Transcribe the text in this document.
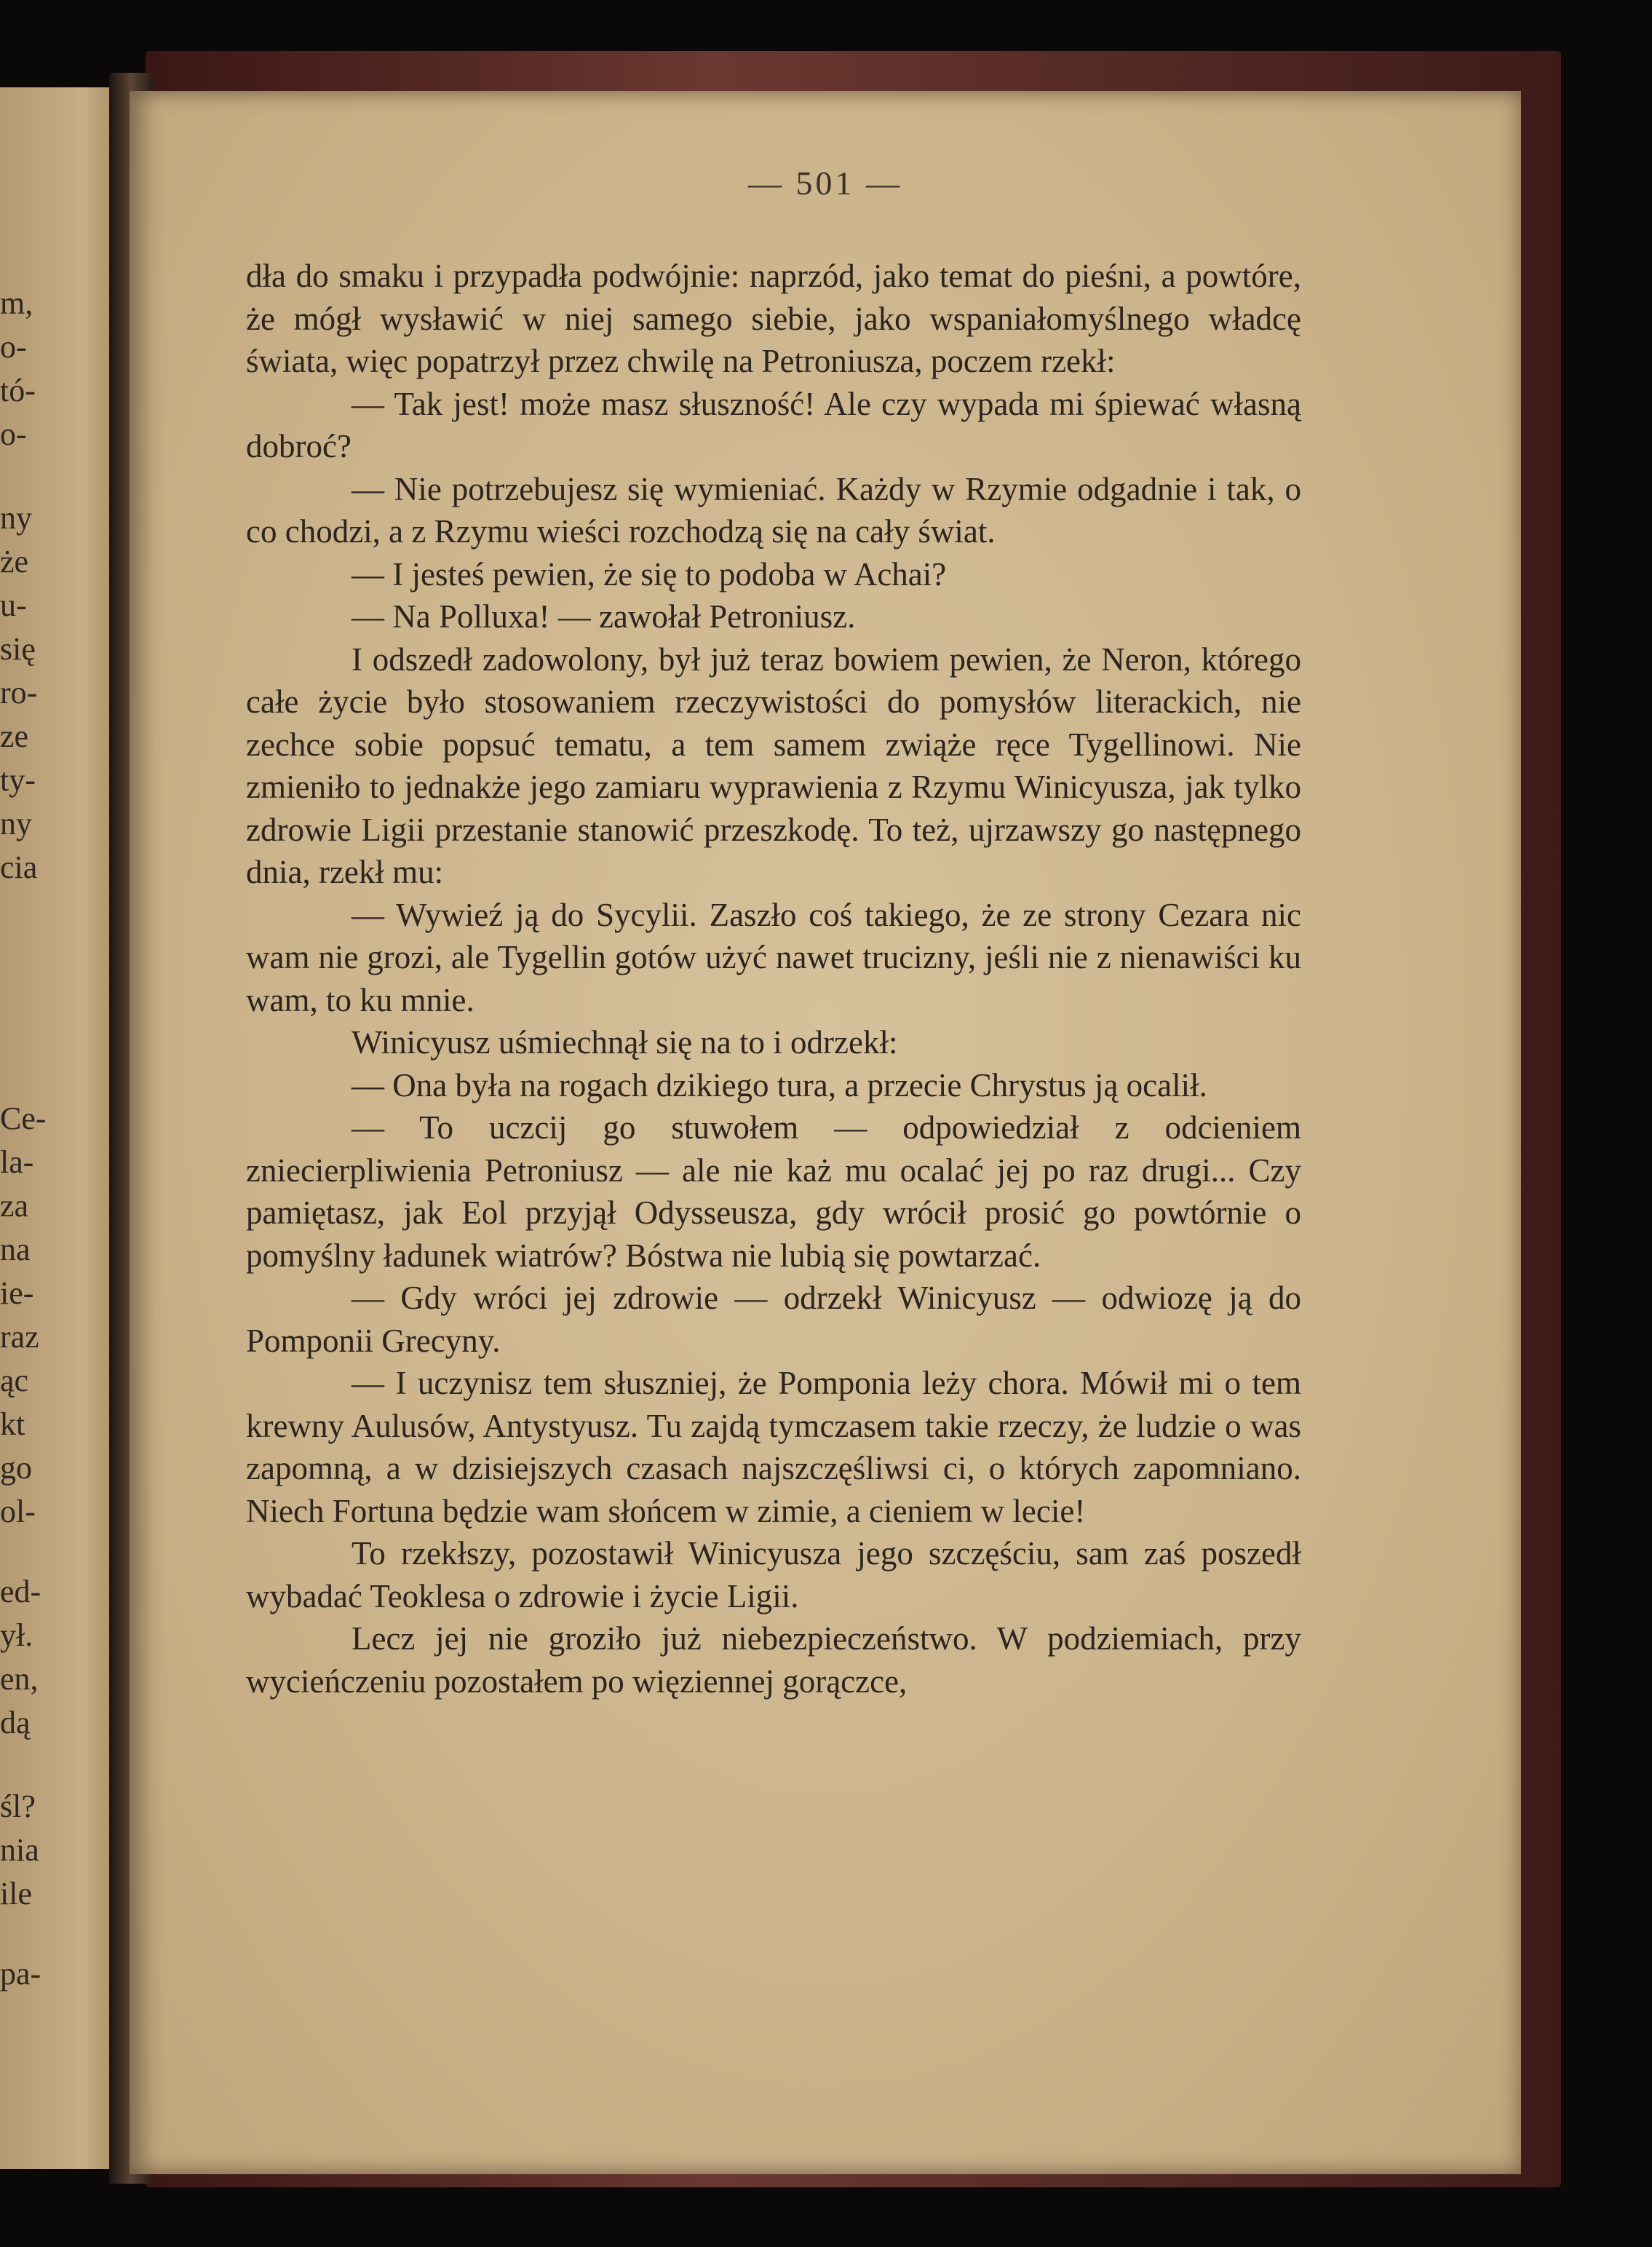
m,
o-
tó-
o-
ny
że
u-
się
ro-
ze
ty-
ny
cia
Ce-
la-
za
na
ie-
raz
ąc
kt
go
ol-
ed-
ył.
en,
dą
śl?
nia
ile
pa-

— 501 —

dła do smaku i przypadła podwójnie: naprzód, jako temat do pieśni, a powtóre, że mógł wysławić w niej samego siebie, jako wspaniałomyślnego władcę świata, więc popatrzył przez chwilę na Petroniusza, poczem rzekł:

— Tak jest! może masz słuszność! Ale czy wypada mi śpiewać własną dobroć?

— Nie potrzebujesz się wymieniać. Każdy w Rzymie odgadnie i tak, o co chodzi, a z Rzymu wieści rozchodzą się na cały świat.

— I jesteś pewien, że się to podoba w Achai?

— Na Polluxa! — zawołał Petroniusz.

I odszedł zadowolony, był już teraz bowiem pewien, że Neron, którego całe życie było stosowaniem rzeczywistości do pomysłów literackich, nie zechce sobie popsuć tematu, a tem samem zwiąże ręce Tygellinowi. Nie zmieniło to jednakże jego zamiaru wyprawienia z Rzymu Winicyusza, jak tylko zdrowie Ligii przestanie stanowić przeszkodę. To też, ujrzawszy go następnego dnia, rzekł mu:

— Wywieź ją do Sycylii. Zaszło coś takiego, że ze strony Cezara nic wam nie grozi, ale Tygellin gotów użyć nawet trucizny, jeśli nie z nienawiści ku wam, to ku mnie.

Winicyusz uśmiechnął się na to i odrzekł:

— Ona była na rogach dzikiego tura, a przecie Chrystus ją ocalił.

— To uczcij go stuwołem — odpowiedział z odcieniem zniecierpliwienia Petroniusz — ale nie każ mu ocalać jej po raz drugi... Czy pamiętasz, jak Eol przyjął Odysseusza, gdy wrócił prosić go powtórnie o pomyślny ładunek wiatrów? Bóstwa nie lubią się powtarzać.

— Gdy wróci jej zdrowie — odrzekł Winicyusz — odwiozę ją do Pomponii Grecyny.

— I uczynisz tem słuszniej, że Pomponia leży chora. Mówił mi o tem krewny Aulusów, Antystyusz. Tu zajdą tymczasem takie rzeczy, że ludzie o was zapomną, a w dzisiejszych czasach najszczęśliwsi ci, o których zapomniano. Niech Fortuna będzie wam słońcem w zimie, a cieniem w lecie!

To rzekłszy, pozostawił Winicyusza jego szczęściu, sam zaś poszedł wybadać Teoklesa o zdrowie i życie Ligii.

Lecz jej nie groziło już niebezpieczeństwo. W podziemiach, przy wycieńczeniu pozostałem po więziennej gorączce,
